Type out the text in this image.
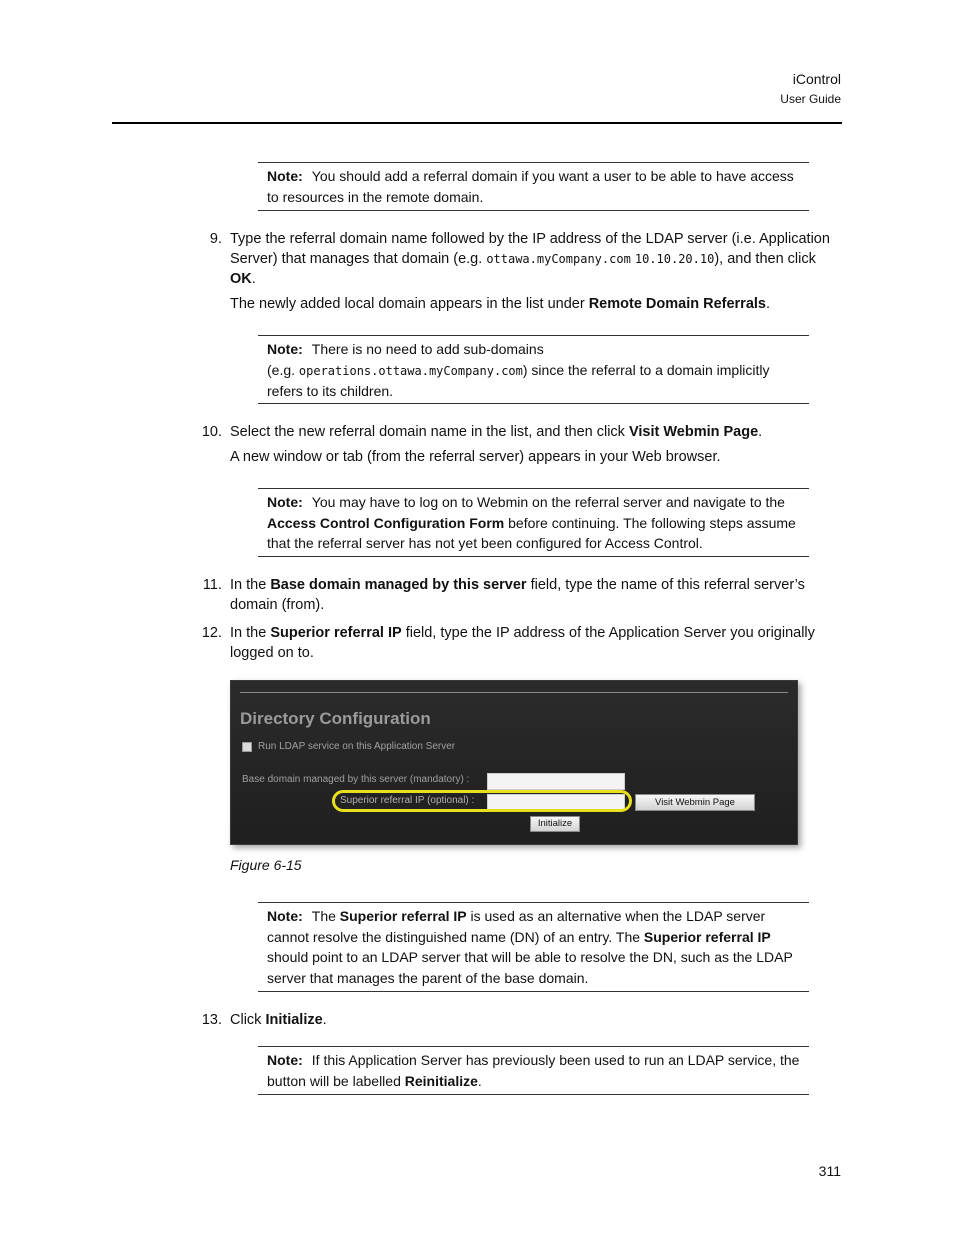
iControl
User Guide
Note: You should add a referral domain if you want a user to be able to have access to resources in the remote domain.
9. Type the referral domain name followed by the IP address of the LDAP server (i.e. Application Server) that manages that domain (e.g. ottawa.myCompany.com 10.10.20.10), and then click OK.
The newly added local domain appears in the list under Remote Domain Referrals.
Note: There is no need to add sub-domains
(e.g. operations.ottawa.myCompany.com) since the referral to a domain implicitly refers to its children.
10. Select the new referral domain name in the list, and then click Visit Webmin Page.
A new window or tab (from the referral server) appears in your Web browser.
Note: You may have to log on to Webmin on the referral server and navigate to the Access Control Configuration Form before continuing. The following steps assume that the referral server has not yet been configured for Access Control.
11. In the Base domain managed by this server field, type the name of this referral server’s domain (from).
12. In the Superior referral IP field, type the IP address of the Application Server you originally logged on to.
Directory Configuration
Run LDAP service on this Application Server
Base domain managed by this server (mandatory) :
Superior referral IP (optional) :	Visit Webmin Page
Initialize
Figure 6-15
Note: The Superior referral IP is used as an alternative when the LDAP server cannot resolve the distinguished name (DN) of an entry. The Superior referral IP should point to an LDAP server that will be able to resolve the DN, such as the LDAP server that manages the parent of the base domain.
13. Click Initialize.
Note: If this Application Server has previously been used to run an LDAP service, the button will be labelled Reinitialize.
311
